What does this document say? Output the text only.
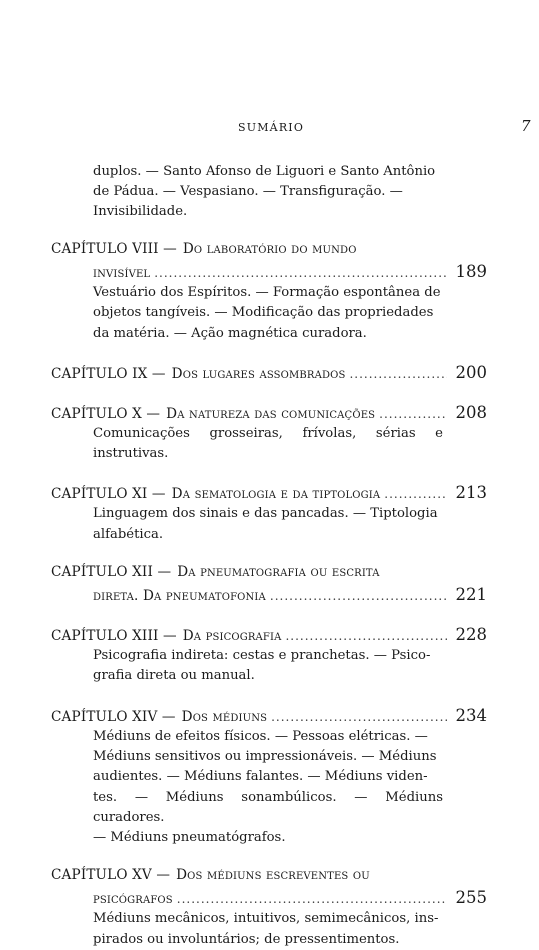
SUMÁRIO	7
duplos. — Santo Afonso de Liguori e Santo Antônio
de Pádua. — Vespasiano. — Transfiguração. —
Invisibilidade.
CAPÍTULO VIII — Do laboratório do mundo
invisível .....	189
Vestuário dos Espíritos. — Formação espontânea de
objetos tangíveis. — Modificação das propriedades
da matéria. — Ação magnética curadora.
CAPÍTULO IX — Dos lugares assombrados .....	200
CAPÍTULO X — Da natureza das comunicações .....	208
Comunicações grosseiras, frívolas, sérias e instrutivas.
CAPÍTULO XI — Da sematologia e da tiptologia .....	213
Linguagem dos sinais e das pancadas. — Tiptologia
alfabética.
CAPÍTULO XII — Da pneumatografia ou escrita
direta. Da pneumatofonia .....	221
CAPÍTULO XIII — Da psicografia .....	228
Psicografia indireta: cestas e pranchetas. — Psico-
grafia direta ou manual.
CAPÍTULO XIV — Dos médiuns .....	234
Médiuns de efeitos físicos. — Pessoas elétricas. —
Médiuns sensitivos ou impressionáveis. — Médiuns
audientes. — Médiuns falantes. — Médiuns viden-
tes. — Médiuns sonambúlicos. — Médiuns curadores.
— Médiuns pneumatógrafos.
CAPÍTULO XV — Dos médiuns escreventes ou
psicógrafos .....	255
Médiuns mecânicos, intuitivos, semimecânicos, ins-
pirados ou involuntários; de pressentimentos.
